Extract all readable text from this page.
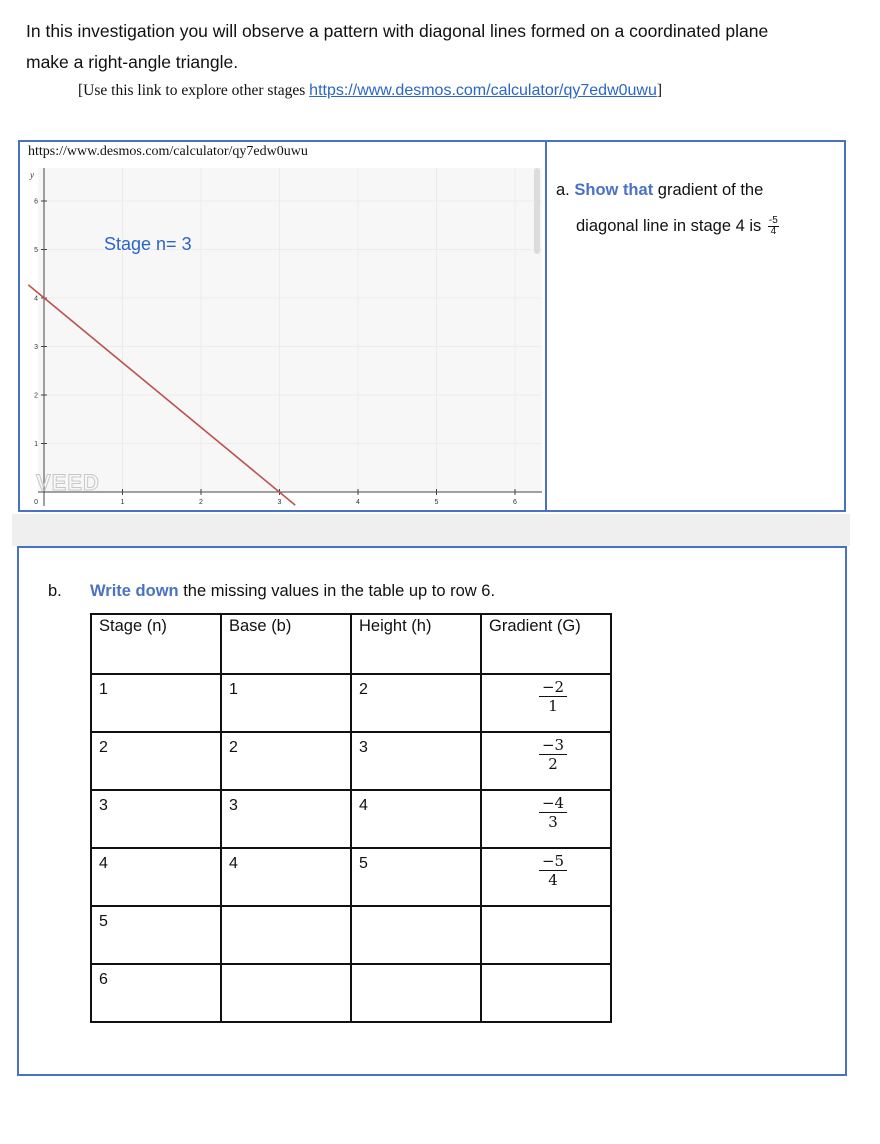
In this investigation you will observe a pattern with diagonal lines formed on a coordinated plane
make a right-angle triangle.
[Use this link to explore other stages https://www.desmos.com/calculator/qy7edw0uwu]
https://www.desmos.com/calculator/qy7edw0uwu
1	2	3	4	5	6
1
2
3
4
5
6
0
y
Stage n= 3
VEED
a. Show that gradient of the
diagonal line in stage 4 is $\frac{-5}{4}$
b. Write down the missing values in the table up to row 6.
Stage (n)	Base (b)	Height (h)	Gradient (G)

1	1	2	$\frac{-2}{1}$

2	2	3	$\frac{-3}{2}$

3	3	4	$\frac{-4}{3}$

4	4	5	$\frac{-5}{4}$

5			

6			
